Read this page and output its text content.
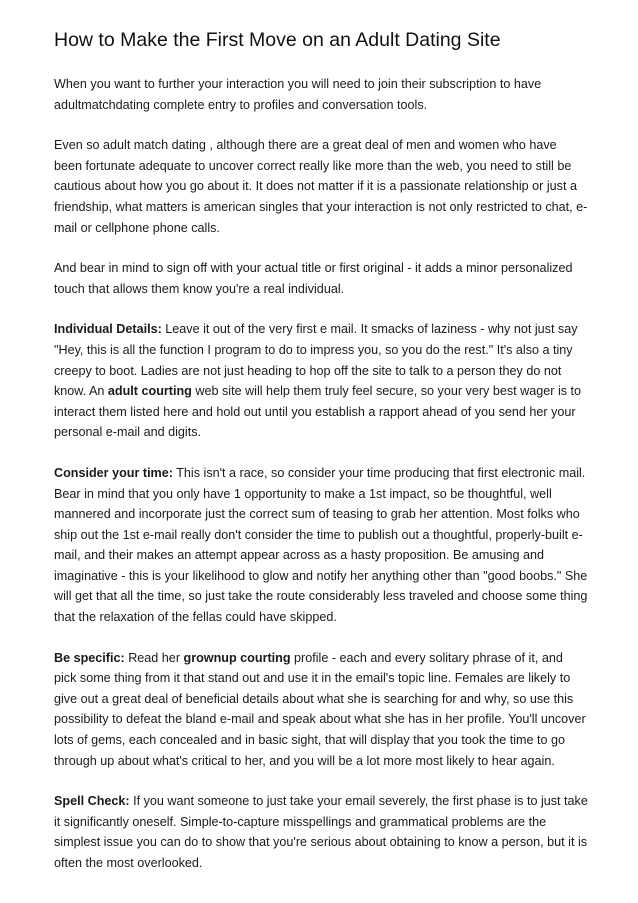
How to Make the First Move on an Adult Dating Site

When you want to further your interaction you will need to join their subscription to have adultmatchdating complete entry to profiles and conversation tools.

Even so adult match dating , although there are a great deal of men and women who have been fortunate adequate to uncover correct really like more than the web, you need to still be cautious about how you go about it. It does not matter if it is a passionate relationship or just a friendship, what matters is american singles that your interaction is not only restricted to chat, e-mail or cellphone phone calls.

And bear in mind to sign off with your actual title or first original - it adds a minor personalized touch that allows them know you're a real individual.

Individual Details: Leave it out of the very first e mail. It smacks of laziness - why not just say "Hey, this is all the function I program to do to impress you, so you do the rest." It's also a tiny creepy to boot. Ladies are not just heading to hop off the site to talk to a person they do not know. An adult courting web site will help them truly feel secure, so your very best wager is to interact them listed here and hold out until you establish a rapport ahead of you send her your personal e-mail and digits.

Consider your time: This isn't a race, so consider your time producing that first electronic mail. Bear in mind that you only have 1 opportunity to make a 1st impact, so be thoughtful, well mannered and incorporate just the correct sum of teasing to grab her attention. Most folks who ship out the 1st e-mail really don't consider the time to publish out a thoughtful, properly-built e-mail, and their makes an attempt appear across as a hasty proposition. Be amusing and imaginative - this is your likelihood to glow and notify her anything other than "good boobs." She will get that all the time, so just take the route considerably less traveled and choose some thing that the relaxation of the fellas could have skipped.

Be specific: Read her grownup courting profile - each and every solitary phrase of it, and pick some thing from it that stand out and use it in the email's topic line. Females are likely to give out a great deal of beneficial details about what she is searching for and why, so use this possibility to defeat the bland e-mail and speak about what she has in her profile. You'll uncover lots of gems, each concealed and in basic sight, that will display that you took the time to go through up about what's critical to her, and you will be a lot more most likely to hear again.

Spell Check: If you want someone to just take your email severely, the first phase is to just take it significantly oneself. Simple-to-capture misspellings and grammatical problems are the simplest issue you can do to show that you're serious about obtaining to know a person, but it is often the most overlooked.
